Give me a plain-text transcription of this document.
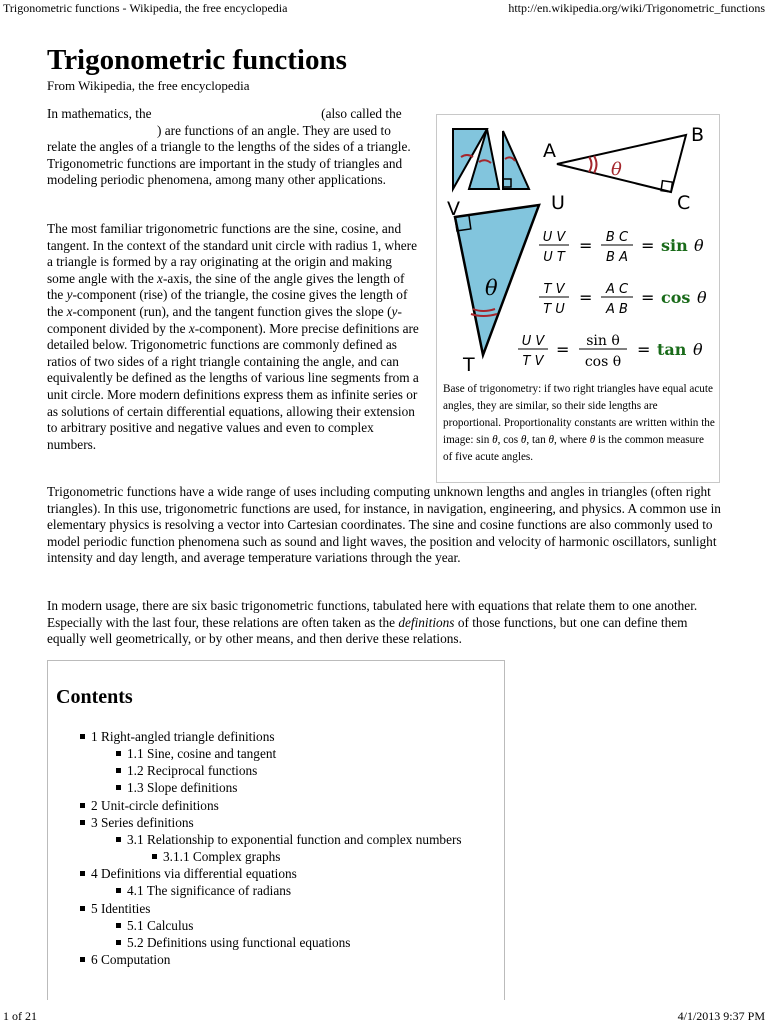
Trigonometric functions - Wikipedia, the free encyclopedia	http://en.wikipedia.org/wiki/Trigonometric_functions
1 of 21	4/1/2013 9:37 PM
Trigonometric functions
From Wikipedia, the free encyclopedia

In mathematics, the	(also called the
) are functions of an angle. They are used to relate the angles of a triangle to the lengths of the sides of a triangle. Trigonometric functions are important in the study of triangles and modeling periodic phenomena, among many other applications.

The most familiar trigonometric functions are the sine, cosine, and tangent. In the context of the standard unit circle with radius 1, where a triangle is formed by a ray originating at the origin and making some angle with the x-axis, the sine of the angle gives the length of the y-component (rise) of the triangle, the cosine gives the length of the x-component (run), and the tangent function gives the slope (y-component divided by the x-component). More precise definitions are detailed below. Trigonometric functions are commonly defined as ratios of two sides of a right triangle containing the angle, and can equivalently be defined as the lengths of various line segments from a unit circle. More modern definitions express them as infinite series or as solutions of certain differential equations, allowing their extension to arbitrary positive and negative values and even to complex numbers.

Trigonometric functions have a wide range of uses including computing unknown lengths and angles in triangles (often right triangles). In this use, trigonometric functions are used, for instance, in navigation, engineering, and physics. A common use in elementary physics is resolving a vector into Cartesian coordinates. The sine and cosine functions are also commonly used to model periodic function phenomena such as sound and light waves, the position and velocity of harmonic oscillators, sunlight intensity and day length, and average temperature variations through the year.

In modern usage, there are six basic trigonometric functions, tabulated here with equations that relate them to one another. Especially with the last four, these relations are often taken as the definitions of those functions, but one can define them equally well geometrically, or by other means, and then derive these relations.

A
B
C
θ
V	U
T
θ
U V
U T
= B C
B A
= sin θ
T V
T U
= A C
A B
= cos θ
U V
T V
= sin θ
cos θ
= tan θ

Base of trigonometry: if two right triangles have equal acute angles, they are similar, so their side lengths are proportional. Proportionality constants are written within the image: sin θ, cos θ, tan θ, where θ is the common measure of five acute angles.

Contents
1 Right-angled triangle definitions
1.1 Sine, cosine and tangent
1.2 Reciprocal functions
1.3 Slope definitions
2 Unit-circle definitions
3 Series definitions
3.1 Relationship to exponential function and complex numbers
3.1.1 Complex graphs
4 Definitions via differential equations
4.1 The significance of radians
5 Identities
5.1 Calculus
5.2 Definitions using functional equations
6 Computation
